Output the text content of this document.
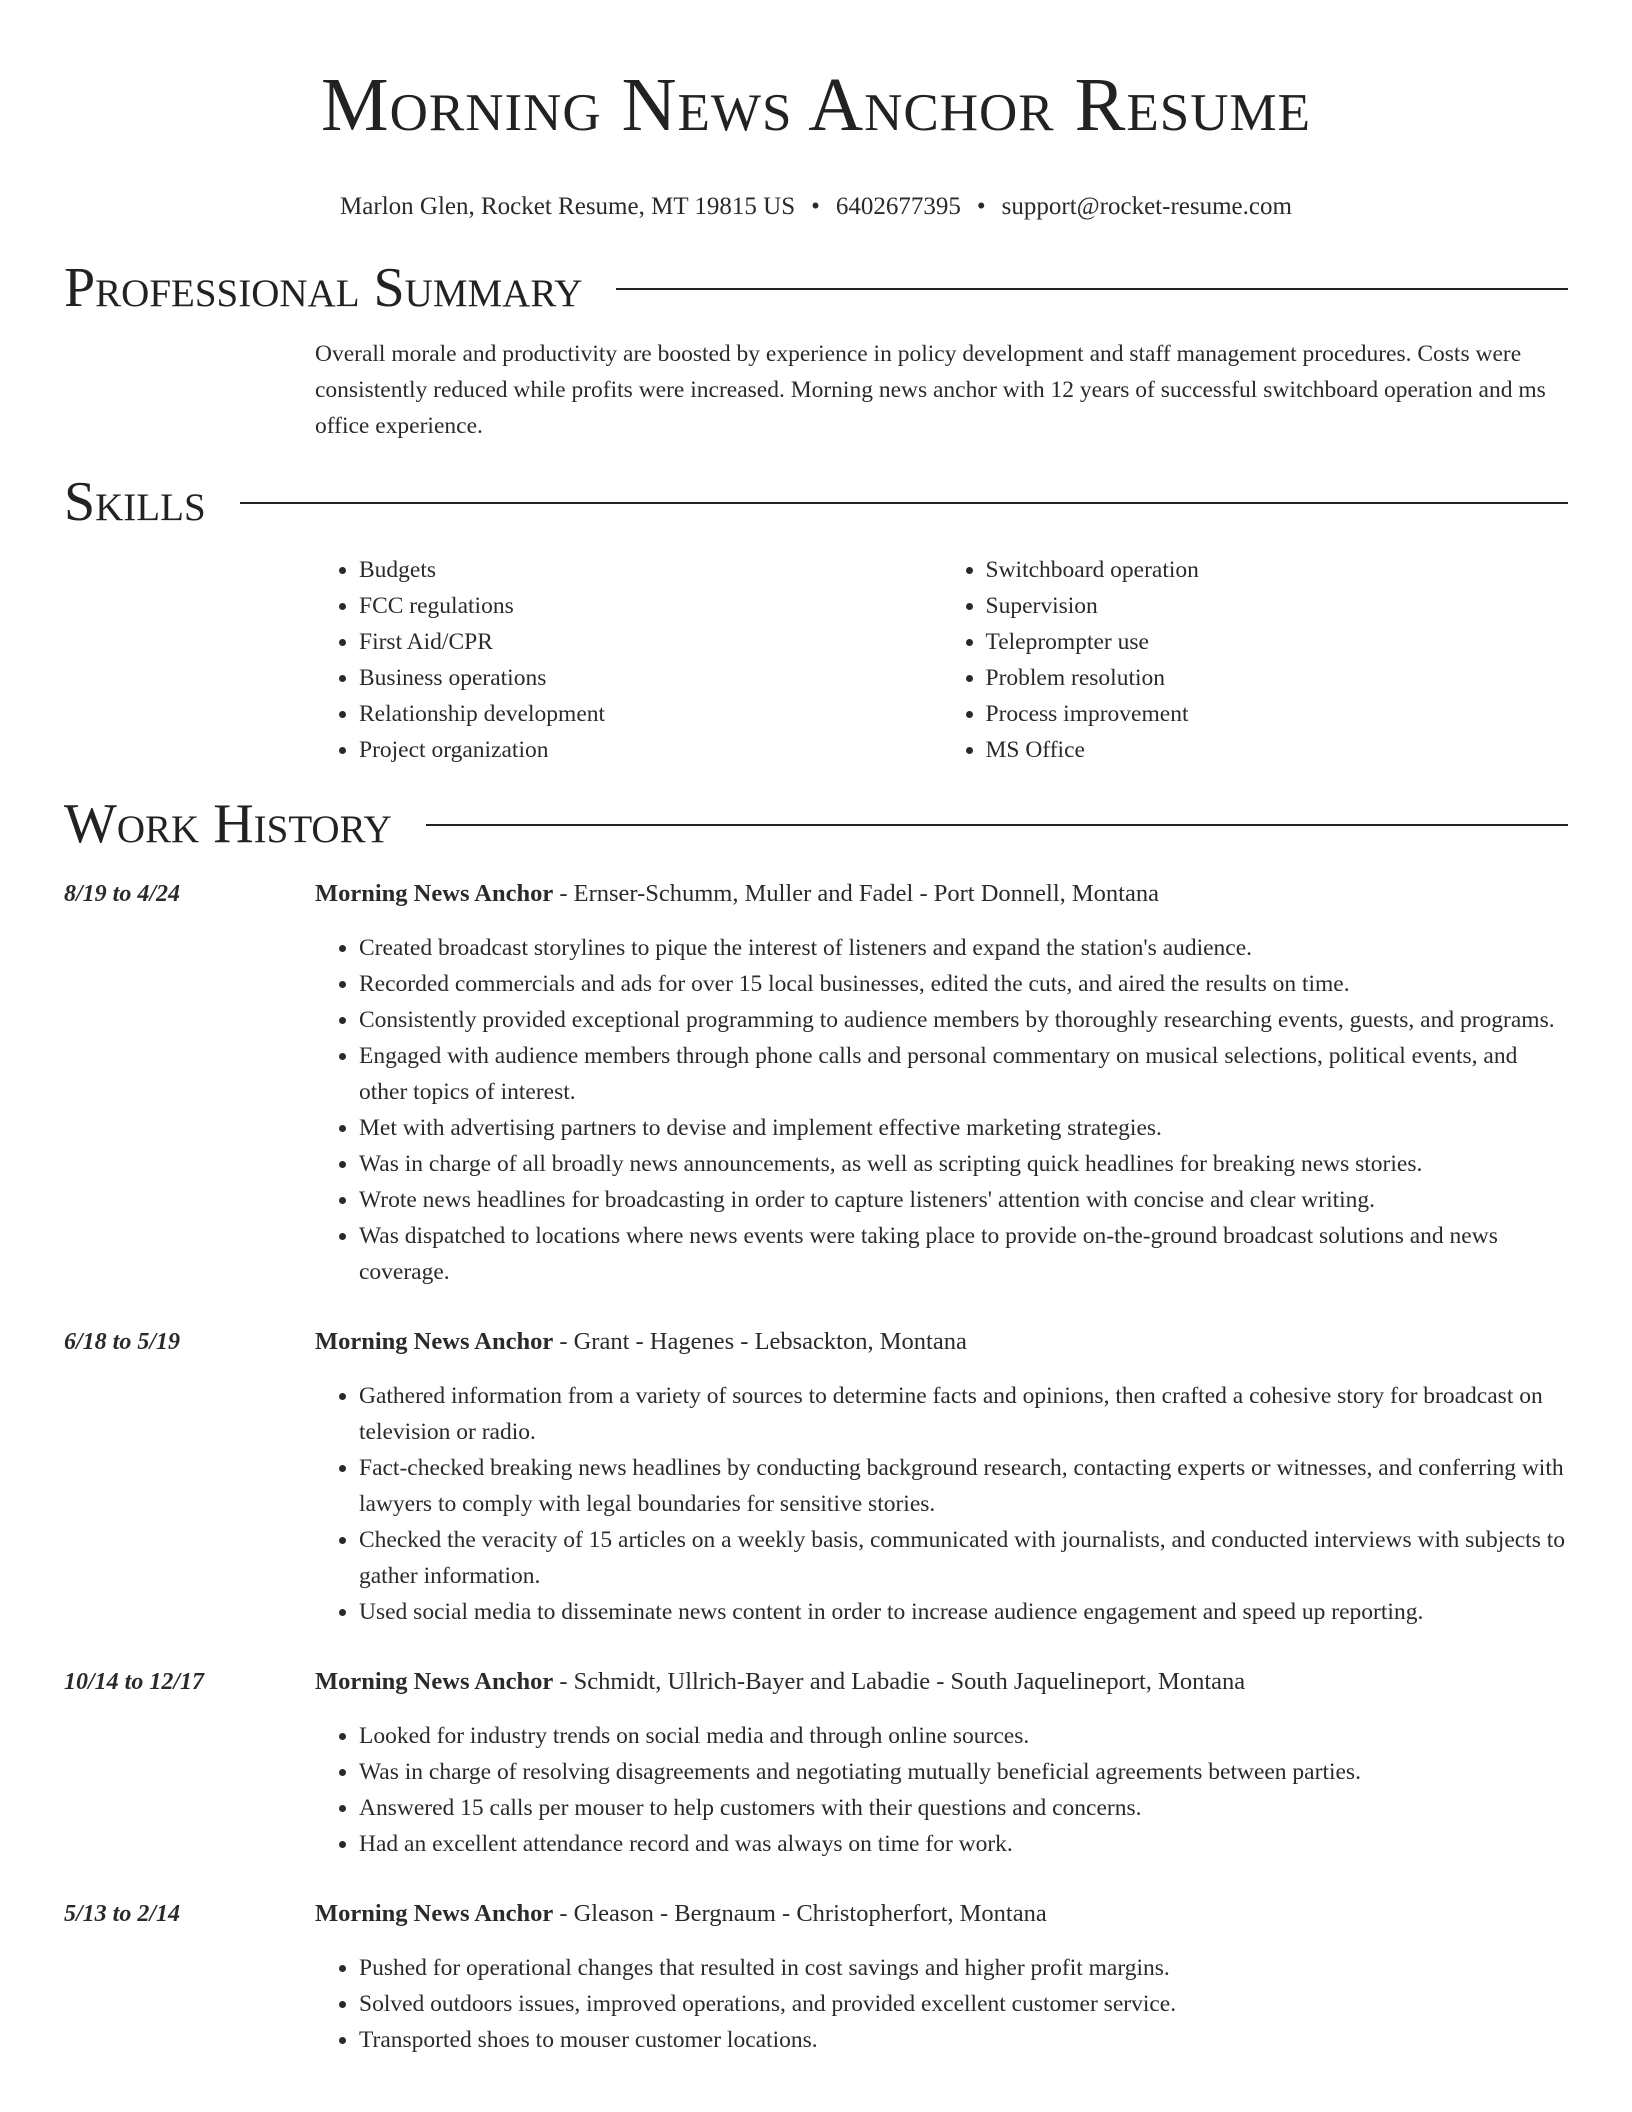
Morning News Anchor Resume
Marlon Glen, Rocket Resume, MT 19815 US • 6402677395 • support@rocket-resume.com
Professional Summary
Overall morale and productivity are boosted by experience in policy development and staff management procedures. Costs were consistently reduced while profits were increased. Morning news anchor with 12 years of successful switchboard operation and ms office experience.
Skills
• Budgets
• FCC regulations
• First Aid/CPR
• Business operations
• Relationship development
• Project organization
• Switchboard operation
• Supervision
• Teleprompter use
• Problem resolution
• Process improvement
• MS Office
Work History
8/19 to 4/24	Morning News Anchor - Ernser-Schumm, Muller and Fadel - Port Donnell, Montana
• Created broadcast storylines to pique the interest of listeners and expand the station's audience.
• Recorded commercials and ads for over 15 local businesses, edited the cuts, and aired the results on time.
• Consistently provided exceptional programming to audience members by thoroughly researching events, guests, and programs.
• Engaged with audience members through phone calls and personal commentary on musical selections, political events, and other topics of interest.
• Met with advertising partners to devise and implement effective marketing strategies.
• Was in charge of all broadly news announcements, as well as scripting quick headlines for breaking news stories.
• Wrote news headlines for broadcasting in order to capture listeners' attention with concise and clear writing.
• Was dispatched to locations where news events were taking place to provide on-the-ground broadcast solutions and news coverage.
6/18 to 5/19	Morning News Anchor - Grant - Hagenes - Lebsackton, Montana
• Gathered information from a variety of sources to determine facts and opinions, then crafted a cohesive story for broadcast on television or radio.
• Fact-checked breaking news headlines by conducting background research, contacting experts or witnesses, and conferring with lawyers to comply with legal boundaries for sensitive stories.
• Checked the veracity of 15 articles on a weekly basis, communicated with journalists, and conducted interviews with subjects to gather information.
• Used social media to disseminate news content in order to increase audience engagement and speed up reporting.
10/14 to 12/17	Morning News Anchor - Schmidt, Ullrich-Bayer and Labadie - South Jaquelineport, Montana
• Looked for industry trends on social media and through online sources.
• Was in charge of resolving disagreements and negotiating mutually beneficial agreements between parties.
• Answered 15 calls per mouser to help customers with their questions and concerns.
• Had an excellent attendance record and was always on time for work.
5/13 to 2/14	Morning News Anchor - Gleason - Bergnaum - Christopherfort, Montana
• Pushed for operational changes that resulted in cost savings and higher profit margins.
• Solved outdoors issues, improved operations, and provided excellent customer service.
• Transported shoes to mouser customer locations.
